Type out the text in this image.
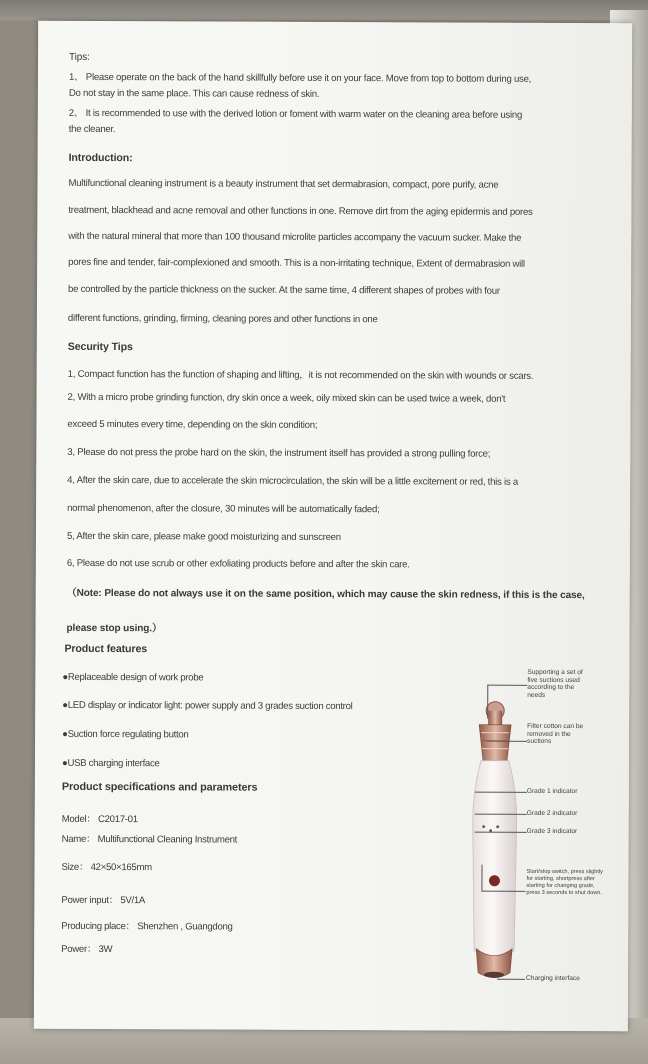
Tips:
1、 Please operate on the back of the hand skillfully before use it on your face. Move from top to bottom during use,
Do not stay in the same place. This can cause redness of skin.
2、 It is recommended to use with the derived lotion or foment with warm water on the cleaning area before using
the cleaner.
Introduction:
Multifunctional cleaning instrument is a beauty instrument that set dermabrasion, compact, pore purify, acne
treatment, blackhead and acne removal and other functions in one. Remove dirt from the aging epidermis and pores
with the natural mineral that more than 100 thousand microlite particles accompany the vacuum sucker. Make the
pores fine and tender, fair-complexioned and smooth. This is a non-irritating technique, Extent of dermabrasion will
be controlled by the particle thickness on the sucker. At the same time, 4 different shapes of probes with four
different functions, grinding, firming, cleaning pores and other functions in one
Security Tips
1, Compact function has the function of shaping and lifting，it is not recommended on the skin with wounds or scars.
2, With a micro probe grinding function, dry skin once a week, oily mixed skin can be used twice a week, don't
exceed 5 minutes every time, depending on the skin condition;
3, Please do not press the probe hard on the skin, the instrument itself has provided a strong pulling force;
4, After the skin care, due to accelerate the skin microcirculation, the skin will be a little excitement or red, this is a
normal phenomenon, after the closure, 30 minutes will be automatically faded;
5, After the skin care, please make good moisturizing and sunscreen
6, Please do not use scrub or other exfoliating products before and after the skin care.
（Note: Please do not always use it on the same position, which may cause the skin redness, if this is the case,
please stop using.）
Product features
●Replaceable design of work probe
●LED display or indicator light: power supply and 3 grades suction control
●Suction force regulating button
●USB charging interface
Product specifications and parameters
Model： C2017-01
Name： Multifunctional Cleaning Instrument
Size： 42×50×165mm
Power input： 5V/1A
Producing place： Shenzhen , Guangdong
Power： 3W
Supporting a set of
five suctions used
according to the
needs
Filter cotton can be
removed in the
suctions
Grade 1 indicator
Grade 2 indicator
Grade 3 indicator
Start/stop switch, press slightly
for starting, shortpress after
starting for changing grade,
press 3 seconds to shut down.
Charging interface
